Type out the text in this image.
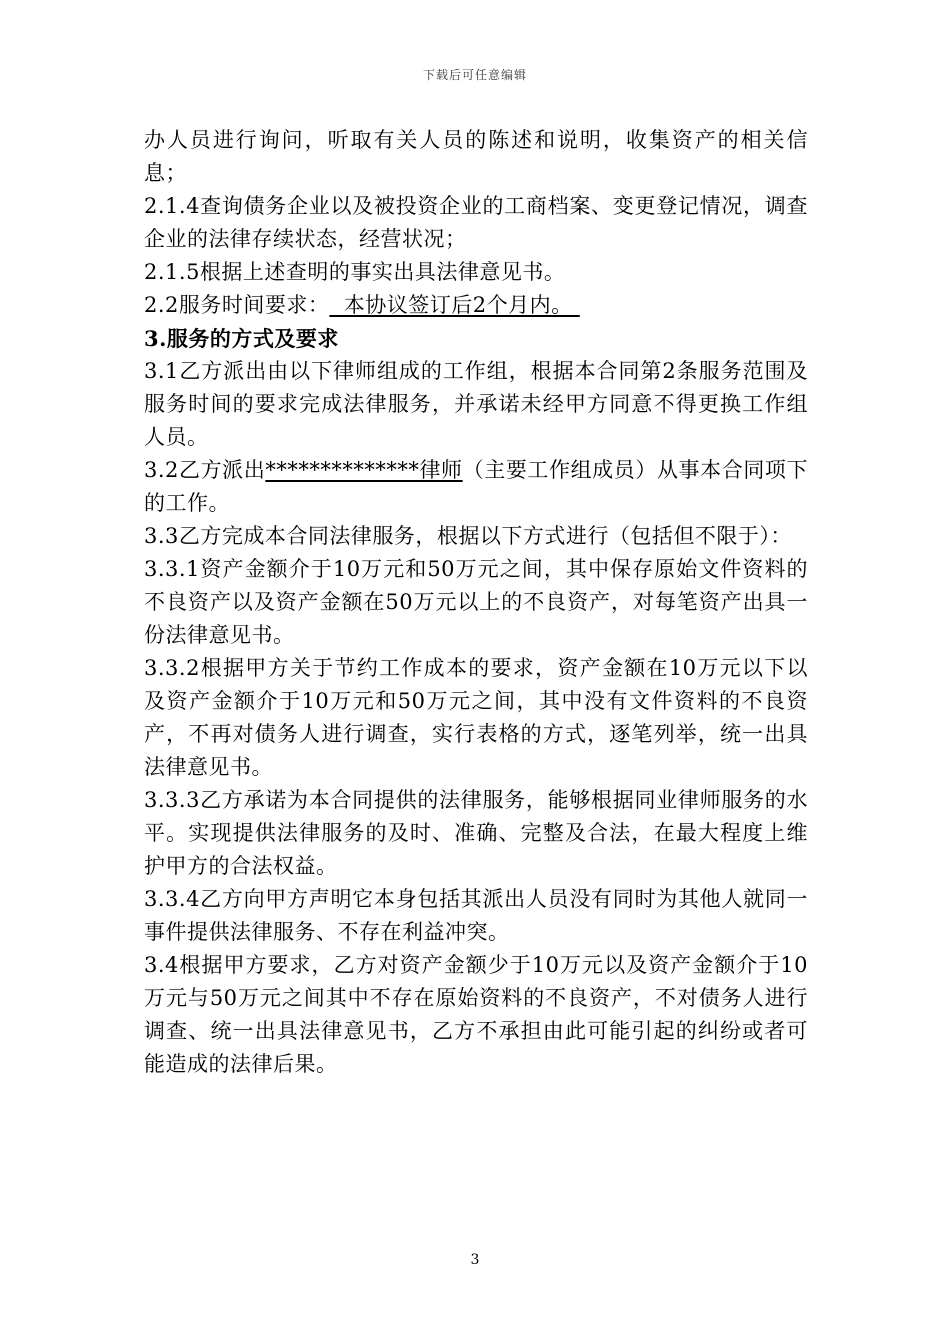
下载后可任意编辑

办人员进行询问，听取有关人员的陈述和说明，收集资产的相关信息；

2.1.4查询债务企业以及被投资企业的工商档案、变更登记情况，调查企业的法律存续状态，经营状况；

2.1.5根据上述查明的事实出具法律意见书。

2.2服务时间要求：  本协议签订后2个月内。

3.服务的方式及要求

3.1乙方派出由以下律师组成的工作组，根据本合同第2条服务范围及服务时间的要求完成法律服务，并承诺未经甲方同意不得更换工作组人员。

3.2乙方派出**************律师（主要工作组成员）从事本合同项下的工作。

3.3乙方完成本合同法律服务，根据以下方式进行（包括但不限于）：

3.3.1资产金额介于10万元和50万元之间，其中保存原始文件资料的不良资产以及资产金额在50万元以上的不良资产，对每笔资产出具一份法律意见书。

3.3.2根据甲方关于节约工作成本的要求，资产金额在10万元以下以及资产金额介于10万元和50万元之间，其中没有文件资料的不良资产，不再对债务人进行调查，实行表格的方式，逐笔列举，统一出具法律意见书。

3.3.3乙方承诺为本合同提供的法律服务，能够根据同业律师服务的水平。实现提供法律服务的及时、准确、完整及合法，在最大程度上维护甲方的合法权益。

3.3.4乙方向甲方声明它本身包括其派出人员没有同时为其他人就同一事件提供法律服务、不存在利益冲突。

3.4根据甲方要求，乙方对资产金额少于10万元以及资产金额介于10万元与50万元之间其中不存在原始资料的不良资产，不对债务人进行调查、统一出具法律意见书，乙方不承担由此可能引起的纠纷或者可能造成的法律后果。

3
